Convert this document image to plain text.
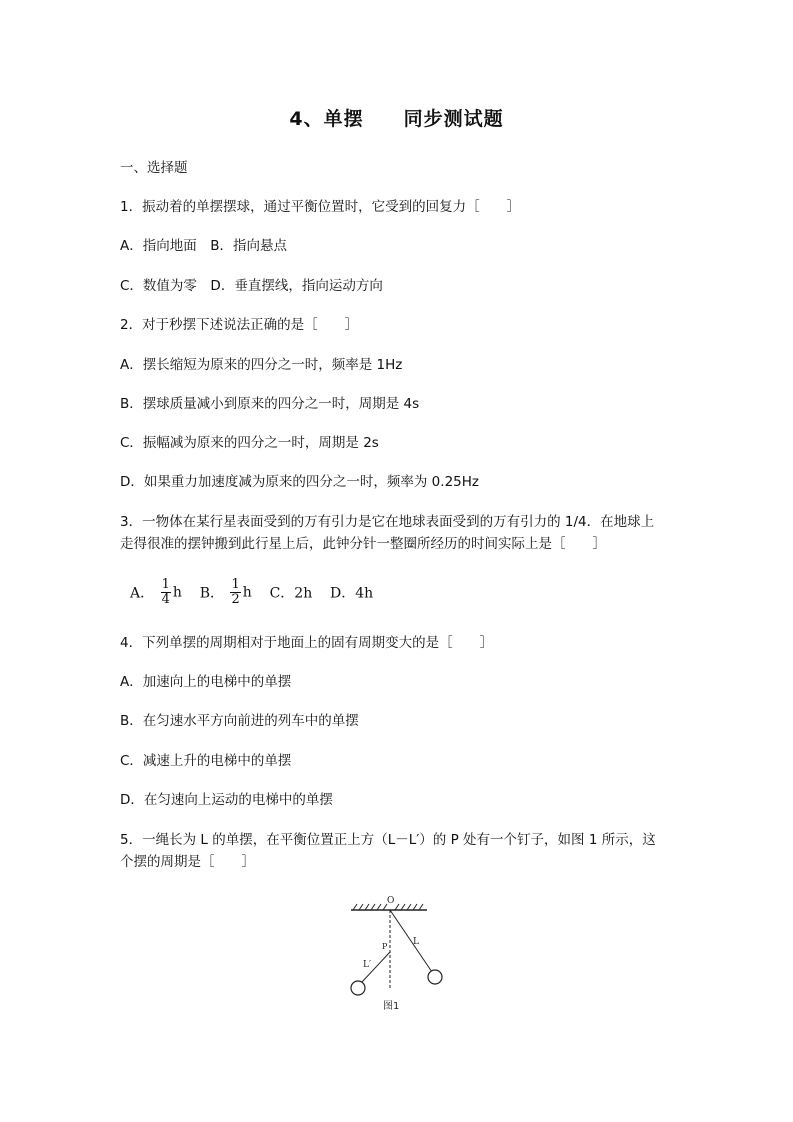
4、单摆 同步测试题
一、选择题
1．振动着的单摆摆球，通过平衡位置时，它受到的回复力［　　］
A．指向地面　B．指向悬点
C．数值为零　D．垂直摆线，指向运动方向
2．对于秒摆下述说法正确的是［　　］
A．摆长缩短为原来的四分之一时，频率是 1Hz
B．摆球质量减小到原来的四分之一时，周期是 4s
C．振幅减为原来的四分之一时，周期是 2s
D．如果重力加速度减为原来的四分之一时，频率为 0.25Hz
3．一物体在某行星表面受到的万有引力是它在地球表面受到的万有引力的 1/4．在地球上
走得很准的摆钟搬到此行星上后，此钟分针一整圈所经历的时间实际上是［　　］
A． $\frac{1}{4}$ h B． $\frac{1}{2}$ h C．2h D．4h
4．下列单摆的周期相对于地面上的固有周期变大的是［　　］
A．加速向上的电梯中的单摆
B．在匀速水平方向前进的列车中的单摆
C．减速上升的电梯中的单摆
D．在匀速向上运动的电梯中的单摆
5．一绳长为 L 的单摆，在平衡位置正上方（L－L′）的 P 处有一个钉子，如图 1 所示，这
个摆的周期是［　　］
O
P	L
L′
图1
